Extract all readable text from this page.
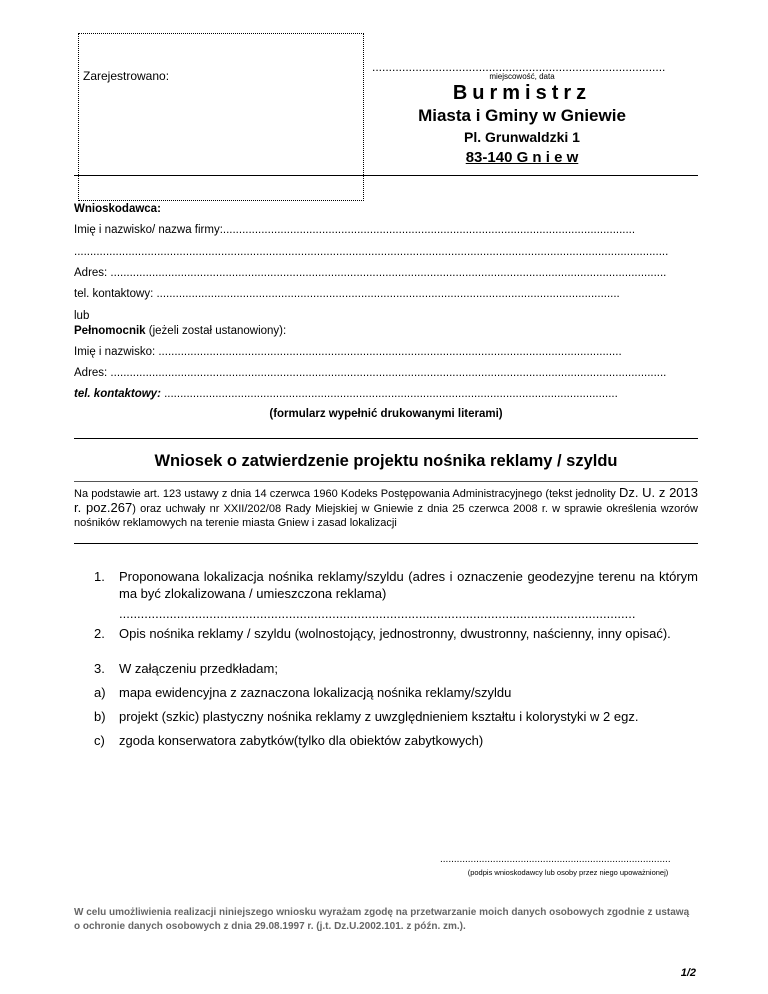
Zarejestrowano:
........................................................................................
miejscowość, data
Burmistrz
Miasta i Gminy w Gniewie
Pl. Grunwaldzki 1
83-140 G n i e w
Wnioskodawca:
Imię i nazwisko/ nazwa firmy:.................................................................................................................................
..........................................................................................................................................................................................
Adres: ..............................................................................................................................................................................
tel. kontaktowy: .................................................................................................................................................
lub
Pełnomocnik (jeżeli został ustanowiony):
Imię i nazwisko: .................................................................................................................................................
Adres: ..............................................................................................................................................................................
tel. kontaktowy: ..............................................................................................................................................
(formularz wypełnić drukowanymi literami)
Wniosek o zatwierdzenie projektu nośnika reklamy / szyldu
Na podstawie art. 123 ustawy z dnia 14 czerwca 1960 Kodeks Postępowania Administracyjnego (tekst jednolity Dz. U. z 2013 r. poz.267) oraz uchwały nr XXII/202/08 Rady Miejskiej w Gniewie z dnia 25 czerwca 2008 r. w sprawie określenia wzorów nośników reklamowych na terenie miasta Gniew i zasad lokalizacji
1. Proponowana lokalizacja nośnika reklamy/szyldu (adres i oznaczenie geodezyjne terenu na którym ma być zlokalizowana / umieszczona reklama)
...............................................................................................................................................
2. Opis nośnika reklamy / szyldu (wolnostojący, jednostronny, dwustronny, naścienny, inny opisać).
3. W załączeniu przedkładam;
a) mapa ewidencyjna z zaznaczona lokalizacją nośnika reklamy/szyldu
b) projekt (szkic) plastyczny nośnika reklamy z uwzględnieniem kształtu i kolorystyki w 2 egz.
c) zgoda konserwatora zabytków(tylko dla obiektów zabytkowych)
...................................................................................
(podpis wnioskodawcy lub osoby przez niego upoważnionej)
W celu umożliwienia realizacji niniejszego wniosku wyrażam zgodę na przetwarzanie moich danych osobowych zgodnie z ustawą o ochronie danych osobowych z dnia 29.08.1997 r. (j.t. Dz.U.2002.101. z późn. zm.).
1/2
